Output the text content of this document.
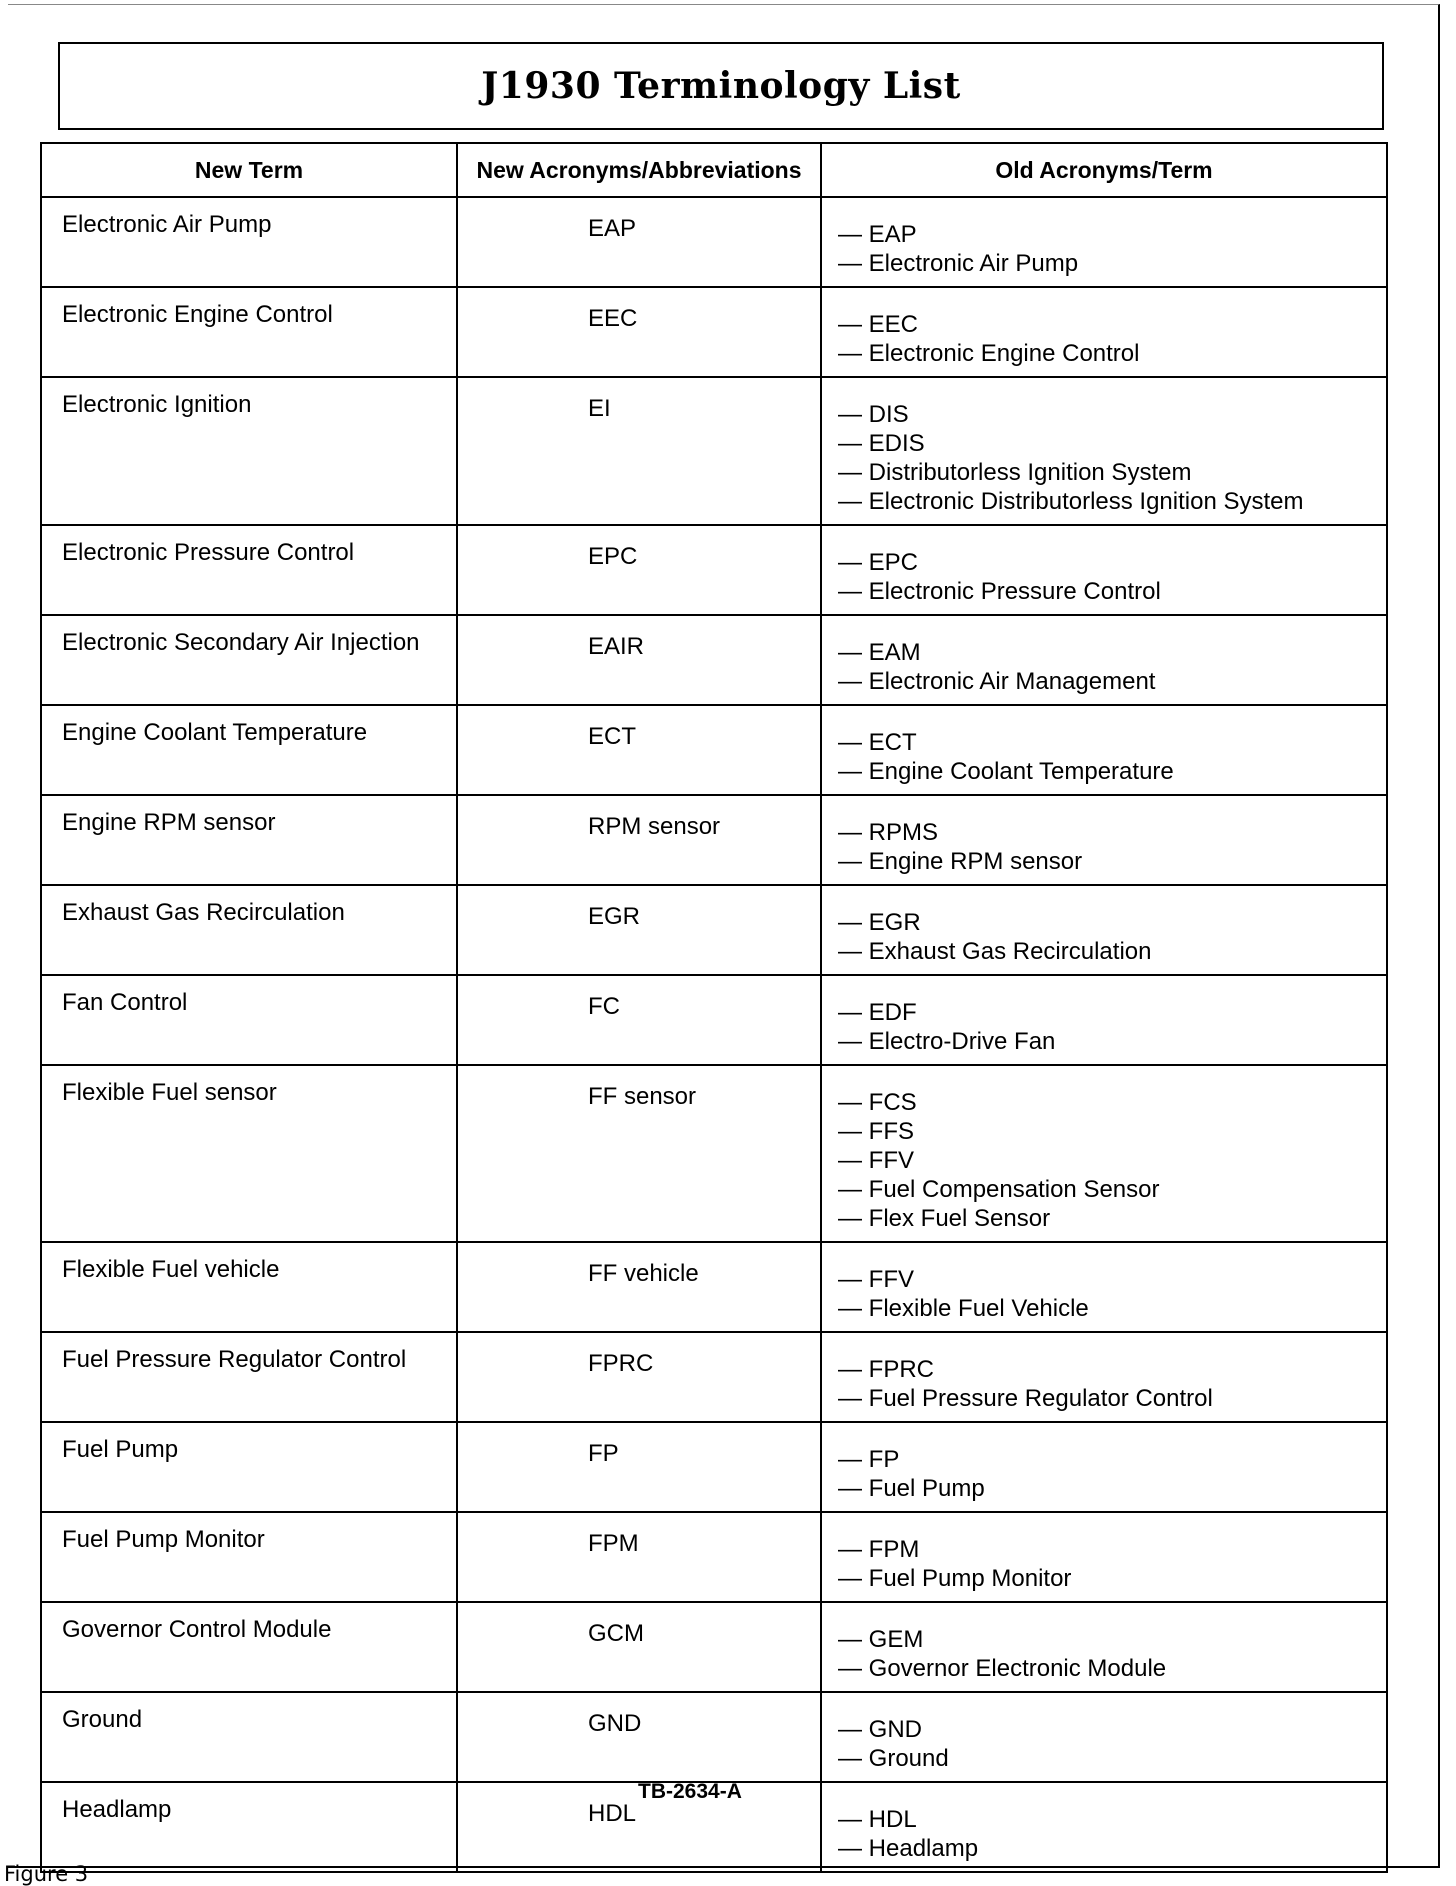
J1930 Terminology List
New Term	New Acronyms/Abbreviations	Old Acronyms/Term
Electronic Air Pump	EAP	— EAP
— Electronic Air Pump

Electronic Engine Control	EEC	— EEC
— Electronic Engine Control

Electronic Ignition	EI	— DIS
— EDIS
— Distributorless Ignition System
— Electronic Distributorless Ignition System

Electronic Pressure Control	EPC	— EPC
— Electronic Pressure Control

Electronic Secondary Air Injection	EAIR	— EAM
— Electronic Air Management

Engine Coolant Temperature	ECT	— ECT
— Engine Coolant Temperature

Engine RPM sensor	RPM sensor	— RPMS
— Engine RPM sensor

Exhaust Gas Recirculation	EGR	— EGR
— Exhaust Gas Recirculation

Fan Control	FC	— EDF
— Electro-Drive Fan

Flexible Fuel sensor	FF sensor	— FCS
— FFS
— FFV
— Fuel Compensation Sensor
— Flex Fuel Sensor

Flexible Fuel vehicle	FF vehicle	— FFV
— Flexible Fuel Vehicle

Fuel Pressure Regulator Control	FPRC	— FPRC
— Fuel Pressure Regulator Control

Fuel Pump	FP	— FP
— Fuel Pump

Fuel Pump Monitor	FPM	— FPM
— Fuel Pump Monitor

Governor Control Module	GCM	— GEM
— Governor Electronic Module

Ground	GND	— GND
— Ground

Headlamp	HDL	— HDL
— Headlamp
TB-2634-A
Figure 3
